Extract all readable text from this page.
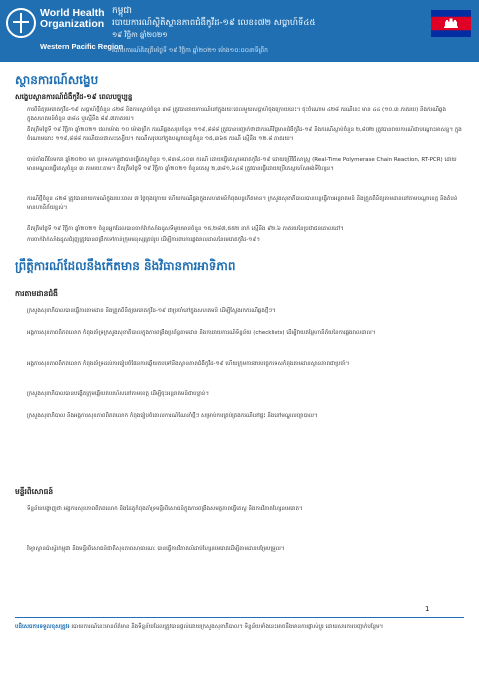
World Health
Organization
Western Pacific Region
កម្ពុជា
របាយការណ៍ស្ថិតិស្ថានភាពជំងឺកូវីដ-១៩ លេខ៖៧២ សប្តាហ៍ទី៤៥
១៩ វិច្ឆិកា ឆ្នាំ២០២១
របាយការណ៍គិតត្រឹមថ្ងៃទី ១៩ វិច្ឆិកា ឆ្នាំ២០២១ ម៉ោង១០:០០នាទីព្រឹក
ស្ថានការណ៍សង្ខេប
សង្ខេបស្ថានការណ៍ជំងឺកូវីដ-១៩ ពេលបច្ចុប្បន្ន
○ ការពិនិត្យមេរោគកូវីដ-១៩ សប្តាហ៍ថ្មីចំនួន ៤២៨ និងការស្លាប់ចំនួន ៣៨ ត្រូវបានរាយការណ៍នៅក្នុងរយៈពេលមួយសប្តាហ៍ចុងក្រោយនេះ។ ចុះចំណោម ៤២៨ ករណីនេះ មាន ៤៤ (១០.៣ ភាគរយ) និងករណីឆ្លងក្នុងសហគមន៍ចំនួន ៣៨៤ ឬស្មើនឹង ៨៩.៧ភាគរយ។
○ គិតត្រឹមថ្ងៃទី ១៩ វិច្ឆិកា ឆ្នាំ២០២១ វេលាម៉ោង ១០ ម៉ោងព្រឹក ករណីឆ្លងសរុបចំនួន ១១៩,៨៨៨ ត្រូវបានបញ្ជាក់ថាជាករណីវិជ្ជមានជំងឺកូវីដ-១៩ និងករណីស្លាប់ចំនួន ២,៨៧២ ត្រូវបានរាយការណ៍ជាបណ្តោះអាសន្ន។ ក្នុងចំណោមនោះ ១១៩,៨៨៨ ករណីបានជាសះស្បើយ។ ករណីសរុបនៅក្នុងបណ្តាខេត្តចំនួន ១៥,៣៦៥ ករណី ស្មើនឹង ១២.៨ ភាគរយ។
○ ចាប់តាំងពីខែមករា ឆ្នាំ២០២០ មក ប្រទេសកម្ពុជាបានធ្វើតេស្តចំនួន ១,៨៣៨,៤០៣ ករណី ដោយធ្វើតេស្តមេរោគកូវីដ-១៩ ដោយប្រើវិធីសាស្ត្រ (Real-Time Polymerase Chain Reaction, RT-PCR) ដោយមានមណ្ឌលធ្វើតេស្តចំនួន ៣ តាមរយៈតាម។ គិតត្រឹមថ្ងៃទី ១៩ វិច្ឆិកា ឆ្នាំ២០២១ ចំនួនតេស្ត ២,៣៨១,៦៤៨ ត្រូវបានធ្វើដោយប្រើតេស្តរហ័សអង់ទីហ្សែន។
○ ករណីថ្មីចំនួន ៤២៨ ត្រូវបានរាយការណ៍ក្នុងរយៈពេល ៧ ថ្ងៃចុងក្រោយ ហើយករណីឆ្លងក្នុងសហគមន៍កំពុងបន្តកើតមាន។ ក្រសួងសុខាភិបាលបានបន្តធ្វើការអន្តរាគមន៍ និងត្រួតពិនិត្យតាមដាននៅតាមបណ្តាខេត្ត និងតំបន់មានហានិភ័យខ្ពស់។
○ គិតត្រឹមថ្ងៃទី ១៩ វិច្ឆិកា ឆ្នាំ២០២១ ចំនួនអ្នកដែលបានចាក់វ៉ាក់សាំងដូសទីមួយមានចំនួន ១៥,២៨៧,៥៥២ នាក់ ស្មើនឹង ៩២.៦ ភាគរយនៃប្រជាជនគោលដៅ។
○ ការចាក់វ៉ាក់សាំងដូសជំរុញត្រូវបានពង្រីកទៅកាន់ក្រុមមនុស្សគ្រប់រូប ដើម្បីការពារការឆ្លងរាលដាលនៃមេរោគកូវីដ-១៩។
ព្រឹត្តិការណ៍ដែលនឹងកើតមាន និងវិធានការអាទិភាព
ការតាមដានជំងឺ
○ ក្រសួងសុខាភិបាលបានធ្វើការតាមដាន និងត្រួតពិនិត្យមេរោគកូវីដ-១៩ ជាប្រចាំនៅក្នុងសហគមន៍ ដើម្បីស្វែងរកករណីឆ្លងថ្មីៗ។
○ អង្គការសុខភាពពិភពលោក កំពុងគាំទ្រក្រសួងសុខាភិបាលក្នុងការពង្រឹងប្រព័ន្ធតាមដាន និងការរាយការណ៍ទិន្នន័យ (checklists) ដើម្បីវាយតម្លៃហានិភ័យនៃការឆ្លងរាលដាល។
○ អង្គការសុខភាពពិភពលោក កំពុងគាំទ្រដល់ការរៀបចំផែនការឆ្លើយតបទៅនឹងស្ថានភាពជំងឺកូវីដ-១៩ ហើយក្រុមការងារបច្ចេកទេសកំពុងតាមដានស្ថានភាពជាប្រចាំ។
○ ក្រសួងសុខាភិបាលបានបង្កើតក្រុមឆ្លើយតបរហ័សនៅតាមខេត្ត ដើម្បីចុះអន្តរាគមន៍ជាបន្ទាន់។
○ ក្រសួងសុខាភិបាល និងអង្គការសុខភាពពិភពលោក កំពុងរៀបចំគោលការណ៍ណែនាំថ្មីៗ សម្រាប់ការគ្រប់គ្រងករណីនៅផ្ទះ និងនៅមណ្ឌលព្យាបាល។
មន្ទីរពិសោធន៍
○ ទិន្នន័យបង្ហាញថា អង្គការសុខភាពពិភពលោក និងដៃគូកំពុងគាំទ្រមន្ទីរពិសោធន៍ក្នុងការពង្រឹងសមត្ថភាពធ្វើតេស្ត និងការវិភាគហ្សែនមេរោគ។
○ វិទ្យាស្ថានប៉ាស្ទ័រកម្ពុជា និងមន្ទីរពិសោធន៍ជាតិសុខភាពសាធារណៈ បានធ្វើការវិភាគលំដាប់ហ្សែនមេរោគដើម្បីតាមដានបម្រែបម្រួល។
1
បដិសេធការទទួលខុសត្រូវ៖ របាយការណ៍នេះមានព័ត៌មាន និងទិន្នន័យដែលត្រូវបានផ្តល់ដោយក្រសួងសុខាភិបាល។ ទិន្នន័យទាំងនេះអាចនឹងមានការផ្លាស់ប្តូរ ដោយសារការបញ្ជាក់បន្ថែម។
